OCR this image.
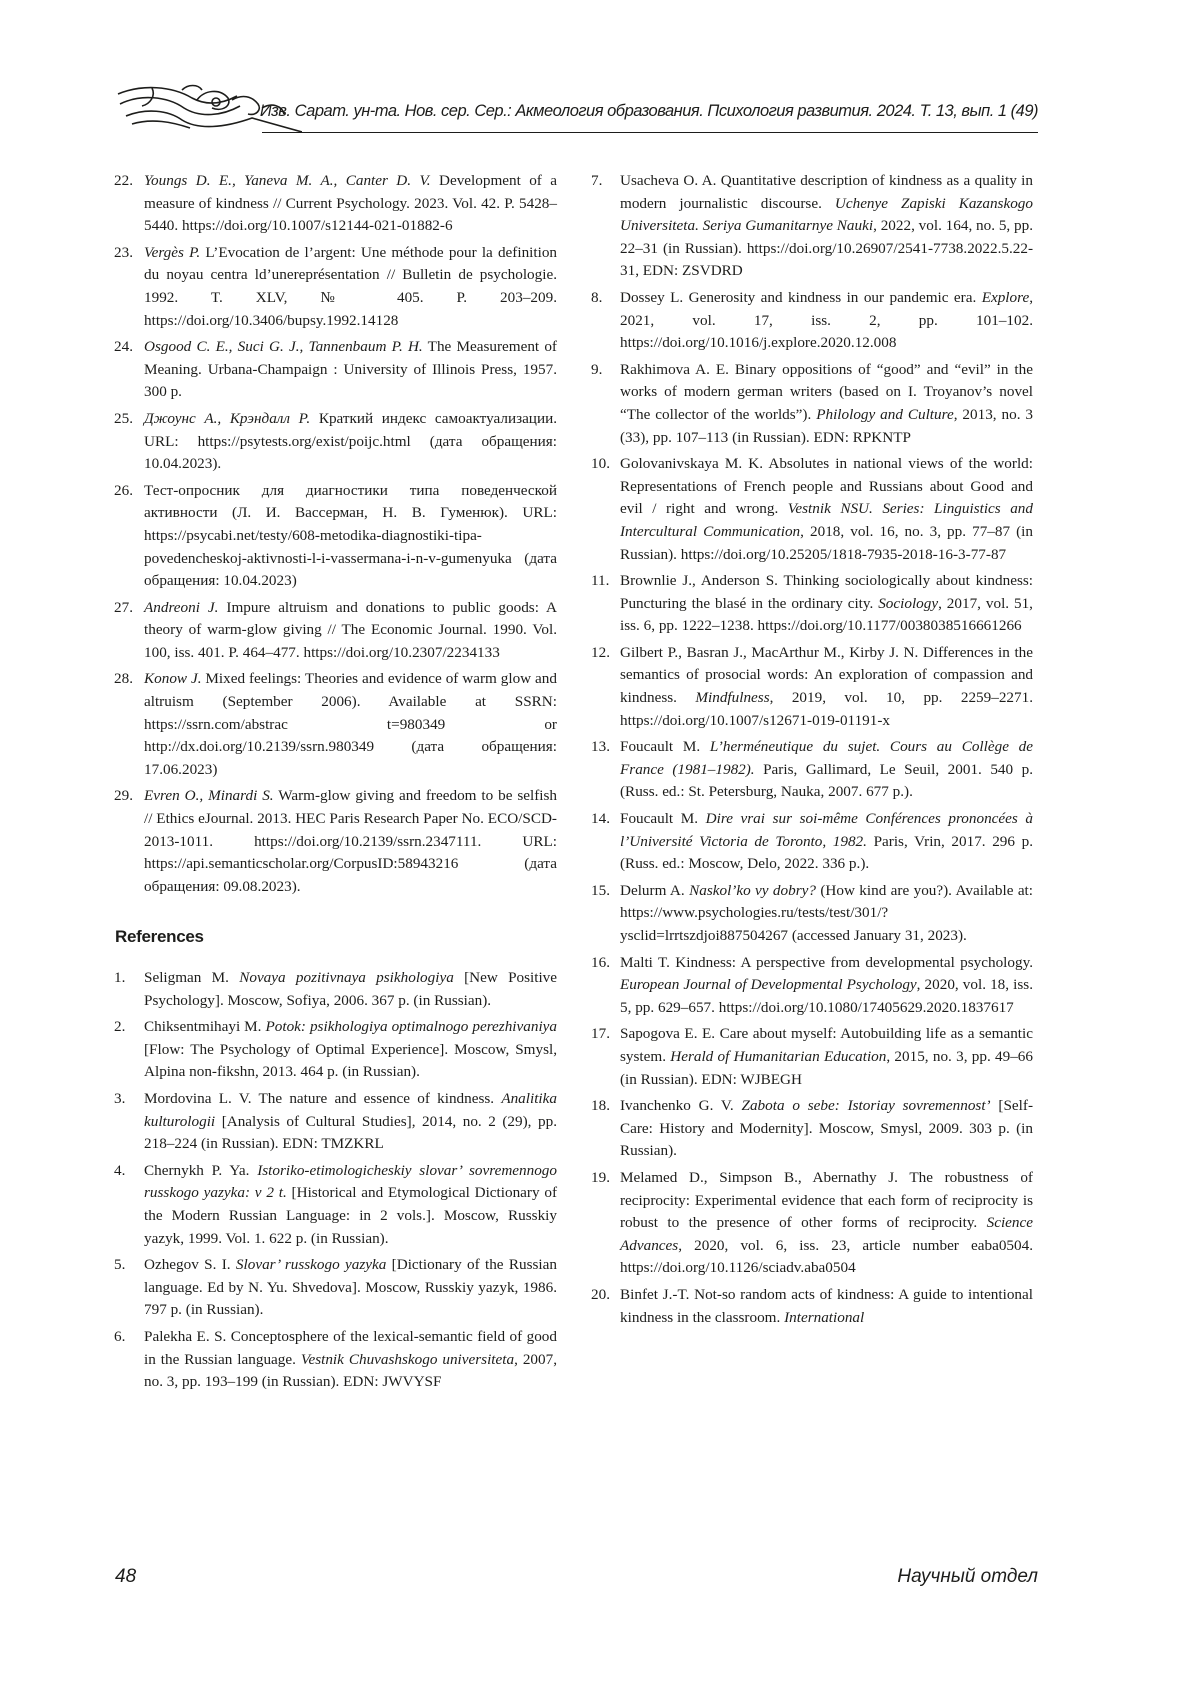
Изв. Сарат. ун-та. Нов. сер. Сер.: Акмеология образования. Психология развития. 2024. Т. 13, вып. 1 (49)
22. Youngs D. E., Yaneva M. A., Canter D. V. Development of a measure of kindness // Current Psychology. 2023. Vol. 42. P. 5428–5440. https://doi.org/10.1007/s12144-021-01882-6
23. Vergès P. L’Evocation de l’argent: Une méthode pour la definition du noyau centra ld’unereprésentation // Bulletin de psychologie. 1992. T. XLV, № 405. P. 203–209. https://doi.org/10.3406/bupsy.1992.14128
24. Osgood C. E., Suci G. J., Tannenbaum P. H. The Measurement of Meaning. Urbana-Champaign : University of Illinois Press, 1957. 300 p.
25. Джоунс А., Крэндалл Р. Краткий индекс самоактуализации. URL: https://psytests.org/exist/poijc.html (дата обращения: 10.04.2023).
26. Тест-опросник для диагностики типа поведенческой активности (Л. И. Вассерман, Н. В. Гуменюк). URL: https://psycabi.net/testy/608-metodika-diagnostiki-tipa-povedencheskoj-aktivnosti-l-i-vassermana-i-n-v-gumenyuka (дата обращения: 10.04.2023)
27. Andreoni J. Impure altruism and donations to public goods: A theory of warm-glow giving // The Economic Journal. 1990. Vol. 100, iss. 401. P. 464–477. https://doi.org/10.2307/2234133
28. Konow J. Mixed feelings: Theories and evidence of warm glow and altruism (September 2006). Available at SSRN: https://ssrn.com/abstrac t=980349 or http://dx.doi.org/10.2139/ssrn.980349 (дата обращения: 17.06.2023)
29. Evren O., Minardi S. Warm-glow giving and freedom to be selfish // Ethics eJournal. 2013. HEC Paris Research Paper No. ECO/SCD-2013-1011. https://doi.org/10.2139/ssrn.2347111. URL: https://api.semanticscholar.org/CorpusID:58943216 (дата обращения: 09.08.2023).
References
1.	Seligman M. Novaya pozitivnaya psikhologiya [New Positive Psychology]. Moscow, Sofiya, 2006. 367 p. (in Russian).
2.	Chiksentmihayi M. Potok: psikhologiya optimalnogo perezhivaniya [Flow: The Psychology of Optimal Experience]. Moscow, Smysl, Alpina non-fikshn, 2013. 464 p. (in Russian).
3.	Mordovina L. V. The nature and essence of kindness. Analitika kulturologii [Analysis of Cultural Studies], 2014, no. 2 (29), pp. 218–224 (in Russian). EDN: TMZKRL
4.	Chernykh P. Ya. Istoriko-etimologicheskiy slovar’ sovremennogo russkogo yazyka: v 2 t. [Historical and Etymological Dictionary of the Modern Russian Language: in 2 vols.]. Moscow, Russkiy yazyk, 1999. Vol. 1. 622 p. (in Russian).
5.	Ozhegov S. I. Slovar’ russkogo yazyka [Dictionary of the Russian language. Ed by N. Yu. Shvedova]. Moscow, Russkiy yazyk, 1986. 797 p. (in Russian).
6.	Palekha E. S. Conceptosphere of the lexical-semantic field of good in the Russian language. Vestnik Chuvashskogo universiteta, 2007, no. 3, pp. 193–199 (in Russian). EDN: JWVYSF
7.	Usacheva O. A. Quantitative description of kindness as a quality in modern journalistic discourse. Uchenye Zapiski Kazanskogo Universiteta. Seriya Gumanitarnye Nauki, 2022, vol. 164, no. 5, pp. 22–31 (in Russian). https://doi.org/10.26907/2541-7738.2022.5.22-31, EDN: ZSVDRD
8.	Dossey L. Generosity and kindness in our pandemic era. Explore, 2021, vol. 17, iss. 2, pp. 101–102. https://doi.org/10.1016/j.explore.2020.12.008
9.	Rakhimova A. E. Binary oppositions of “good” and “evil” in the works of modern german writers (based on I. Troyanov’s novel “The collector of the worlds”). Philology and Culture, 2013, no. 3 (33), pp. 107–113 (in Russian). EDN: RPKNTP
10. Golovanivskaya M. K. Absolutes in national views of the world: Representations of French people and Russians about Good and evil / right and wrong. Vestnik NSU. Series: Linguistics and Intercultural Communication, 2018, vol. 16, no. 3, pp. 77–87 (in Russian). https://doi.org/10.25205/1818-7935-2018-16-3-77-87
11. Brownlie J., Anderson S. Thinking sociologically about kindness: Puncturing the blasé in the ordinary city. Sociology, 2017, vol. 51, iss. 6, pp. 1222–1238. https://doi.org/10.1177/0038038516661266
12. Gilbert P., Basran J., MacArthur M., Kirby J. N. Differences in the semantics of prosocial words: An exploration of compassion and kindness. Mindfulness, 2019, vol. 10, pp. 2259–2271. https://doi.org/10.1007/s12671-019-01191-x
13. Foucault M. L’herméneutique du sujet. Cours au Collège de France (1981–1982). Paris, Gallimard, Le Seuil, 2001. 540 p. (Russ. ed.: St. Petersburg, Nauka, 2007. 677 p.).
14. Foucault M. Dire vrai sur soi-même Conférences prononcées à l’Université Victoria de Toronto, 1982. Paris, Vrin, 2017. 296 p. (Russ. ed.: Moscow, Delo, 2022. 336 p.).
15. Delurm A. Naskol’ko vy dobry? (How kind are you?). Available at: https://www.psychologies.ru/tests/test/301/?ysclid=lrrtszdjoi887504267 (accessed January 31, 2023).
16. Malti T. Kindness: A perspective from developmental psychology. European Journal of Developmental Psychology, 2020, vol. 18, iss. 5, pp. 629–657. https://doi.org/10.1080/17405629.2020.1837617
17. Sapogova E. E. Care about myself: Autobuilding life as a semantic system. Herald of Humanitarian Education, 2015, no. 3, pp. 49–66 (in Russian). EDN: WJBEGH
18. Ivanchenko G. V. Zabota o sebe: Istoriay sovremennost’ [Self-Care: History and Modernity]. Moscow, Smysl, 2009. 303 p. (in Russian).
19. Melamed D., Simpson B., Abernathy J. The robustness of reciprocity: Experimental evidence that each form of reciprocity is robust to the presence of other forms of reciprocity. Science Advances, 2020, vol. 6, iss. 23, article number eaba0504. https://doi.org/10.1126/sciadv.aba0504
20. Binfet J.-T. Not-so random acts of kindness: A guide to intentional kindness in the classroom. International
48	Научный отдел
